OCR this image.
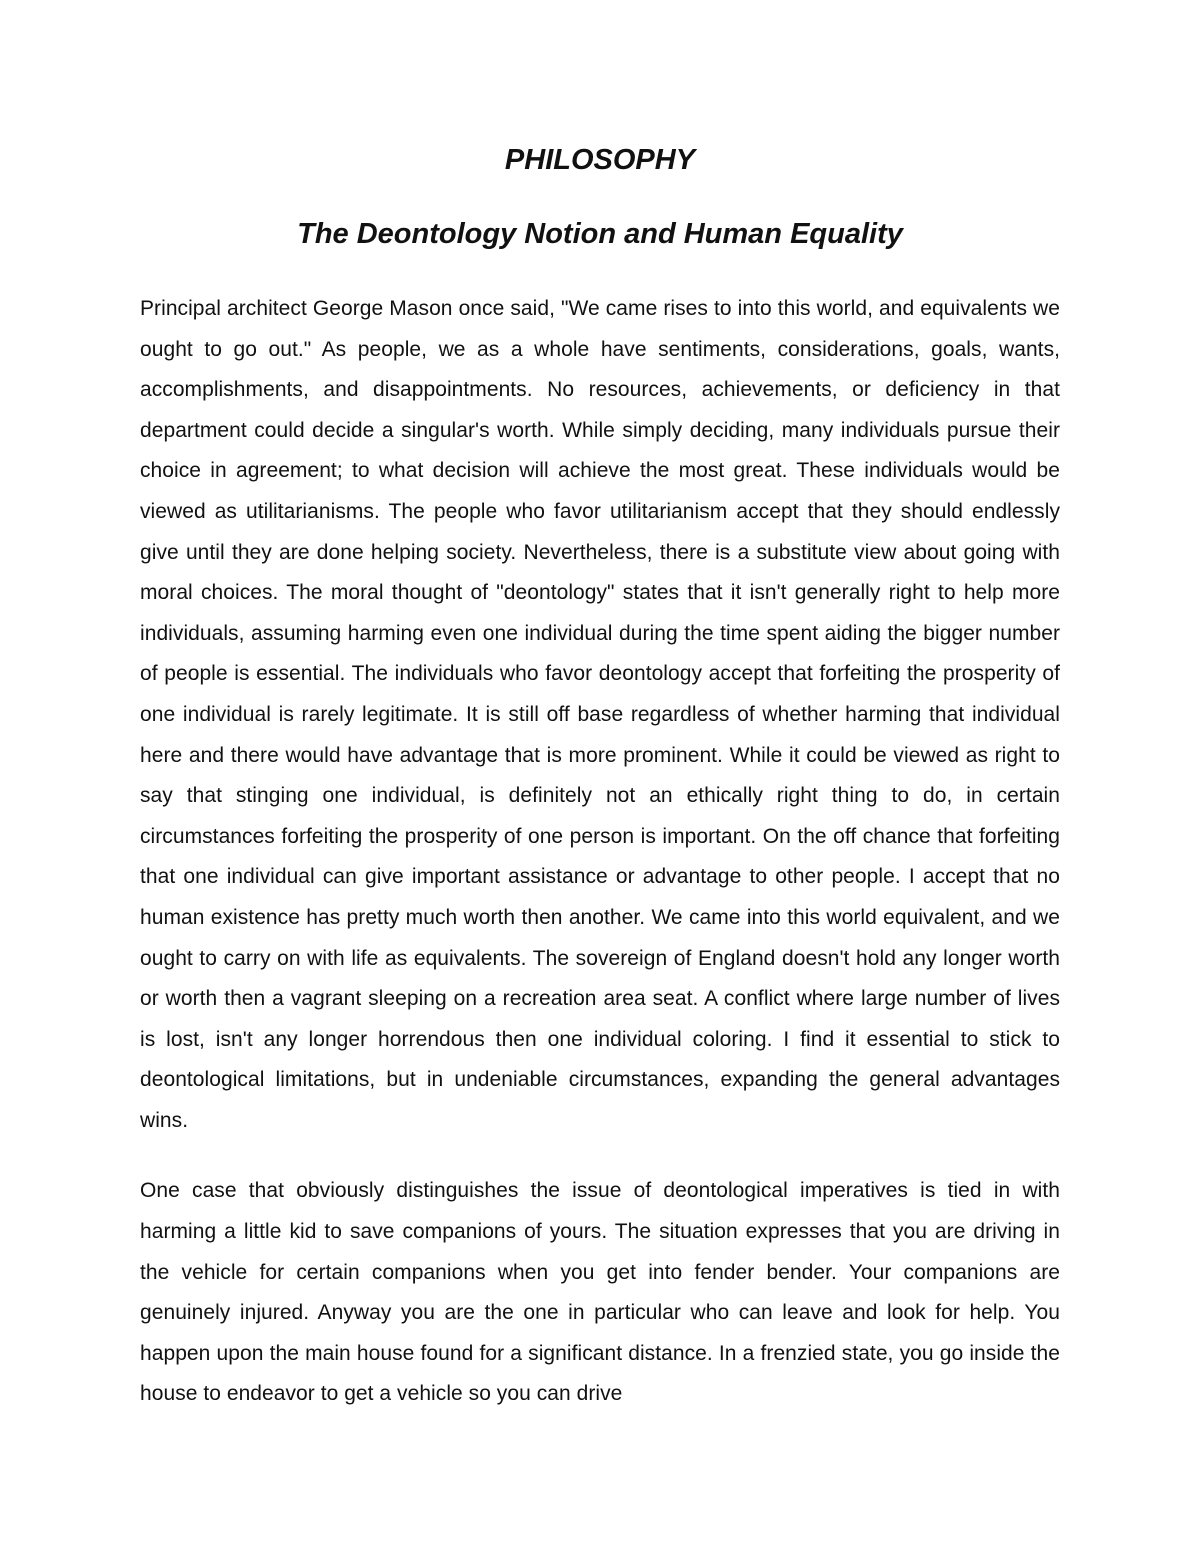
PHILOSOPHY
The Deontology Notion and Human Equality

Principal architect George Mason once said, "We came rises to into this world, and equivalents we ought to go out." As people, we as a whole have sentiments, considerations, goals, wants, accomplishments, and disappointments. No resources, achievements, or deficiency in that department could decide a singular's worth. While simply deciding, many individuals pursue their choice in agreement; to what decision will achieve the most great. These individuals would be viewed as utilitarianisms. The people who favor utilitarianism accept that they should endlessly give until they are done helping society. Nevertheless, there is a substitute view about going with moral choices. The moral thought of "deontology" states that it isn't generally right to help more individuals, assuming harming even one individual during the time spent aiding the bigger number of people is essential. The individuals who favor deontology accept that forfeiting the prosperity of one individual is rarely legitimate. It is still off base regardless of whether harming that individual here and there would have advantage that is more prominent. While it could be viewed as right to say that stinging one individual, is definitely not an ethically right thing to do, in certain circumstances forfeiting the prosperity of one person is important. On the off chance that forfeiting that one individual can give important assistance or advantage to other people. I accept that no human existence has pretty much worth then another. We came into this world equivalent, and we ought to carry on with life as equivalents. The sovereign of England doesn't hold any longer worth or worth then a vagrant sleeping on a recreation area seat. A conflict where large number of lives is lost, isn't any longer horrendous then one individual coloring. I find it essential to stick to deontological limitations, but in undeniable circumstances, expanding the general advantages wins.

One case that obviously distinguishes the issue of deontological imperatives is tied in with harming a little kid to save companions of yours. The situation expresses that you are driving in the vehicle for certain companions when you get into fender bender. Your companions are genuinely injured. Anyway you are the one in particular who can leave and look for help. You happen upon the main house found for a significant distance. In a frenzied state, you go inside the house to endeavor to get a vehicle so you can drive
